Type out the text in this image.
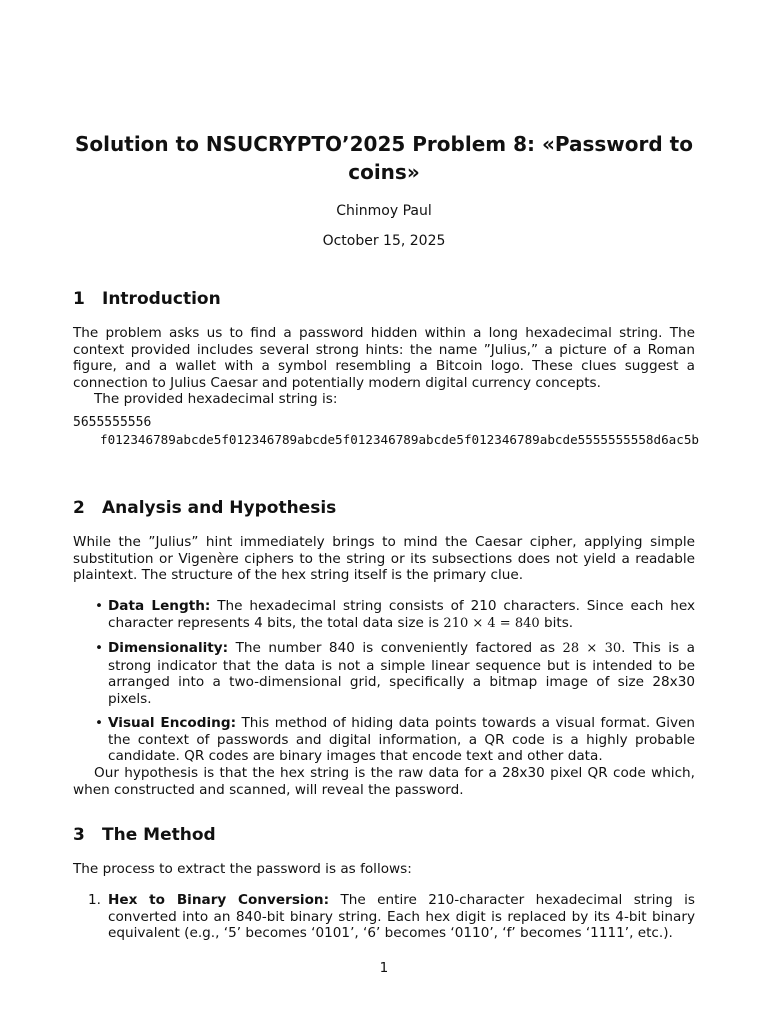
Solution to NSUCRYPTO’2025 Problem 8: «Password to coins»
Chinmoy Paul
October 15, 2025
1 Introduction

The problem asks us to find a password hidden within a long hexadecimal string. The context provided includes several strong hints: the name ”Julius,” a picture of a Roman figure, and a wallet with a symbol resembling a Bitcoin logo. These clues suggest a connection to Julius Caesar and potentially modern digital currency concepts.

The provided hexadecimal string is:

5655555556
f012346789abcde5f012346789abcde5f012346789abcde5f012346789abcde5555555558d6ac5b
2 Analysis and Hypothesis

While the ”Julius” hint immediately brings to mind the Caesar cipher, applying simple substitution or Vigenère ciphers to the string or its subsections does not yield a readable plaintext. The structure of the hex string itself is the primary clue.

• Data Length: The hexadecimal string consists of 210 characters. Since each hex character represents 4 bits, the total data size is 210 × 4 = 840 bits.
• Dimensionality: The number 840 is conveniently factored as 28 × 30. This is a strong indicator that the data is not a simple linear sequence but is intended to be arranged into a two-dimensional grid, specifically a bitmap image of size 28x30 pixels.
• Visual Encoding: This method of hiding data points towards a visual format. Given the context of passwords and digital information, a QR code is a highly probable candidate. QR codes are binary images that encode text and other data.

Our hypothesis is that the hex string is the raw data for a 28x30 pixel QR code which, when constructed and scanned, will reveal the password.

3 The Method

The process to extract the password is as follows:

1. Hex to Binary Conversion: The entire 210-character hexadecimal string is converted into an 840-bit binary string. Each hex digit is replaced by its 4-bit binary equivalent (e.g., ‘5’ becomes ‘0101’, ‘6’ becomes ‘0110’, ‘f’ becomes ‘1111’, etc.).
1
